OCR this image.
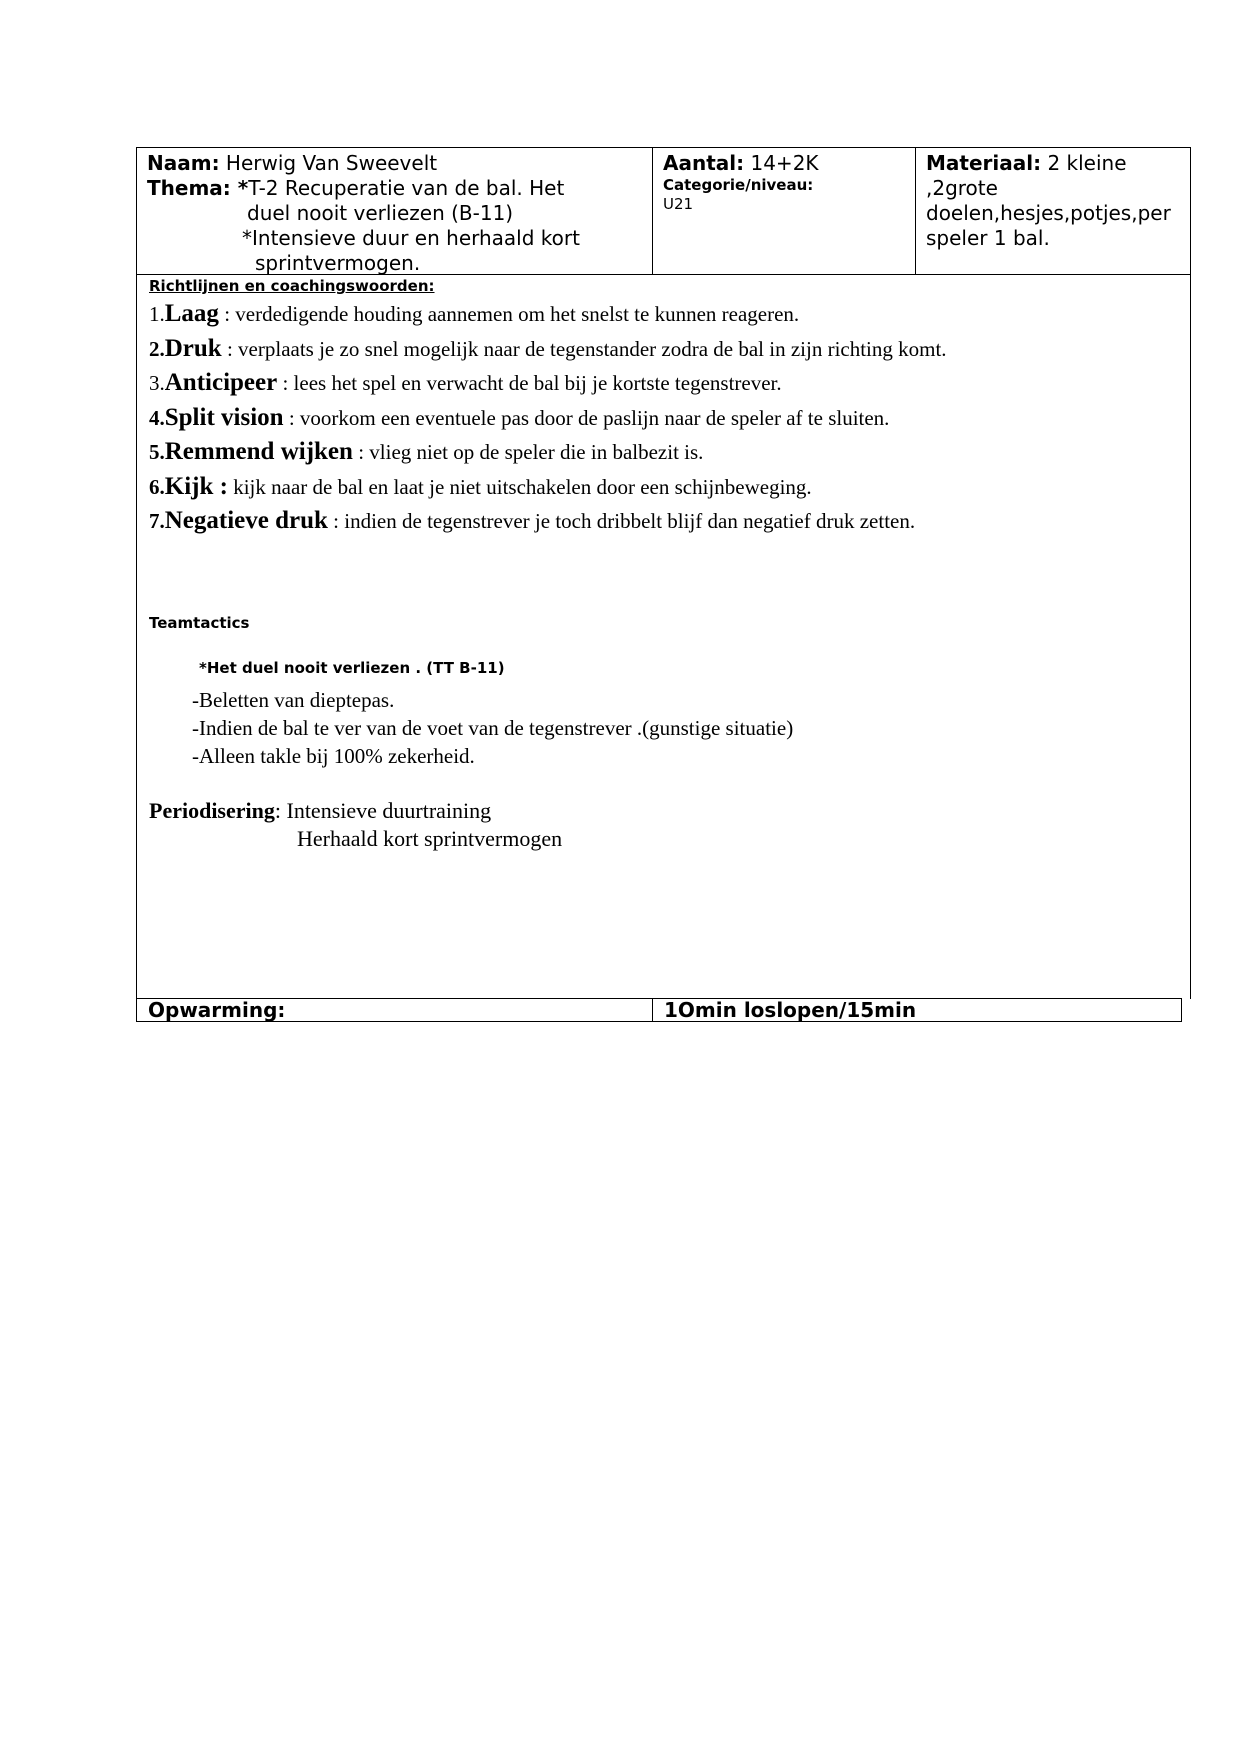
Naam: Herwig Van Sweevelt
Thema: *T-2 Recuperatie van de bal. Het
duel nooit verliezen (B-11)
*Intensieve duur en herhaald kort
sprintvermogen.
Aantal: 14+2K
Categorie/niveau:
U21
Materiaal: 2 kleine
,2grote
doelen,hesjes,potjes,per
speler 1 bal.
Richtlijnen en coachingswoorden:
1.Laag : verdedigende houding aannemen om het snelst te kunnen reageren.
2.Druk : verplaats je zo snel mogelijk naar de tegenstander zodra de bal in zijn richting komt.
3.Anticipeer : lees het spel en verwacht de bal bij je kortste tegenstrever.
4.Split vision : voorkom een eventuele pas door de paslijn naar de speler af te sluiten.
5.Remmend wijken : vlieg niet op de speler die in balbezit is.
6.Kijk : kijk naar de bal en laat je niet uitschakelen door een schijnbeweging.
7.Negatieve druk : indien de tegenstrever je toch dribbelt blijf dan negatief druk zetten.
Teamtactics
*Het duel nooit verliezen . (TT B-11)
-Beletten van dieptepas.
-Indien de bal te ver van de voet van de tegenstrever .(gunstige situatie)
-Alleen takle bij 100% zekerheid.
Periodisering: Intensieve duurtraining
Herhaald kort sprintvermogen
Opwarming:	1Omin loslopen/15min
